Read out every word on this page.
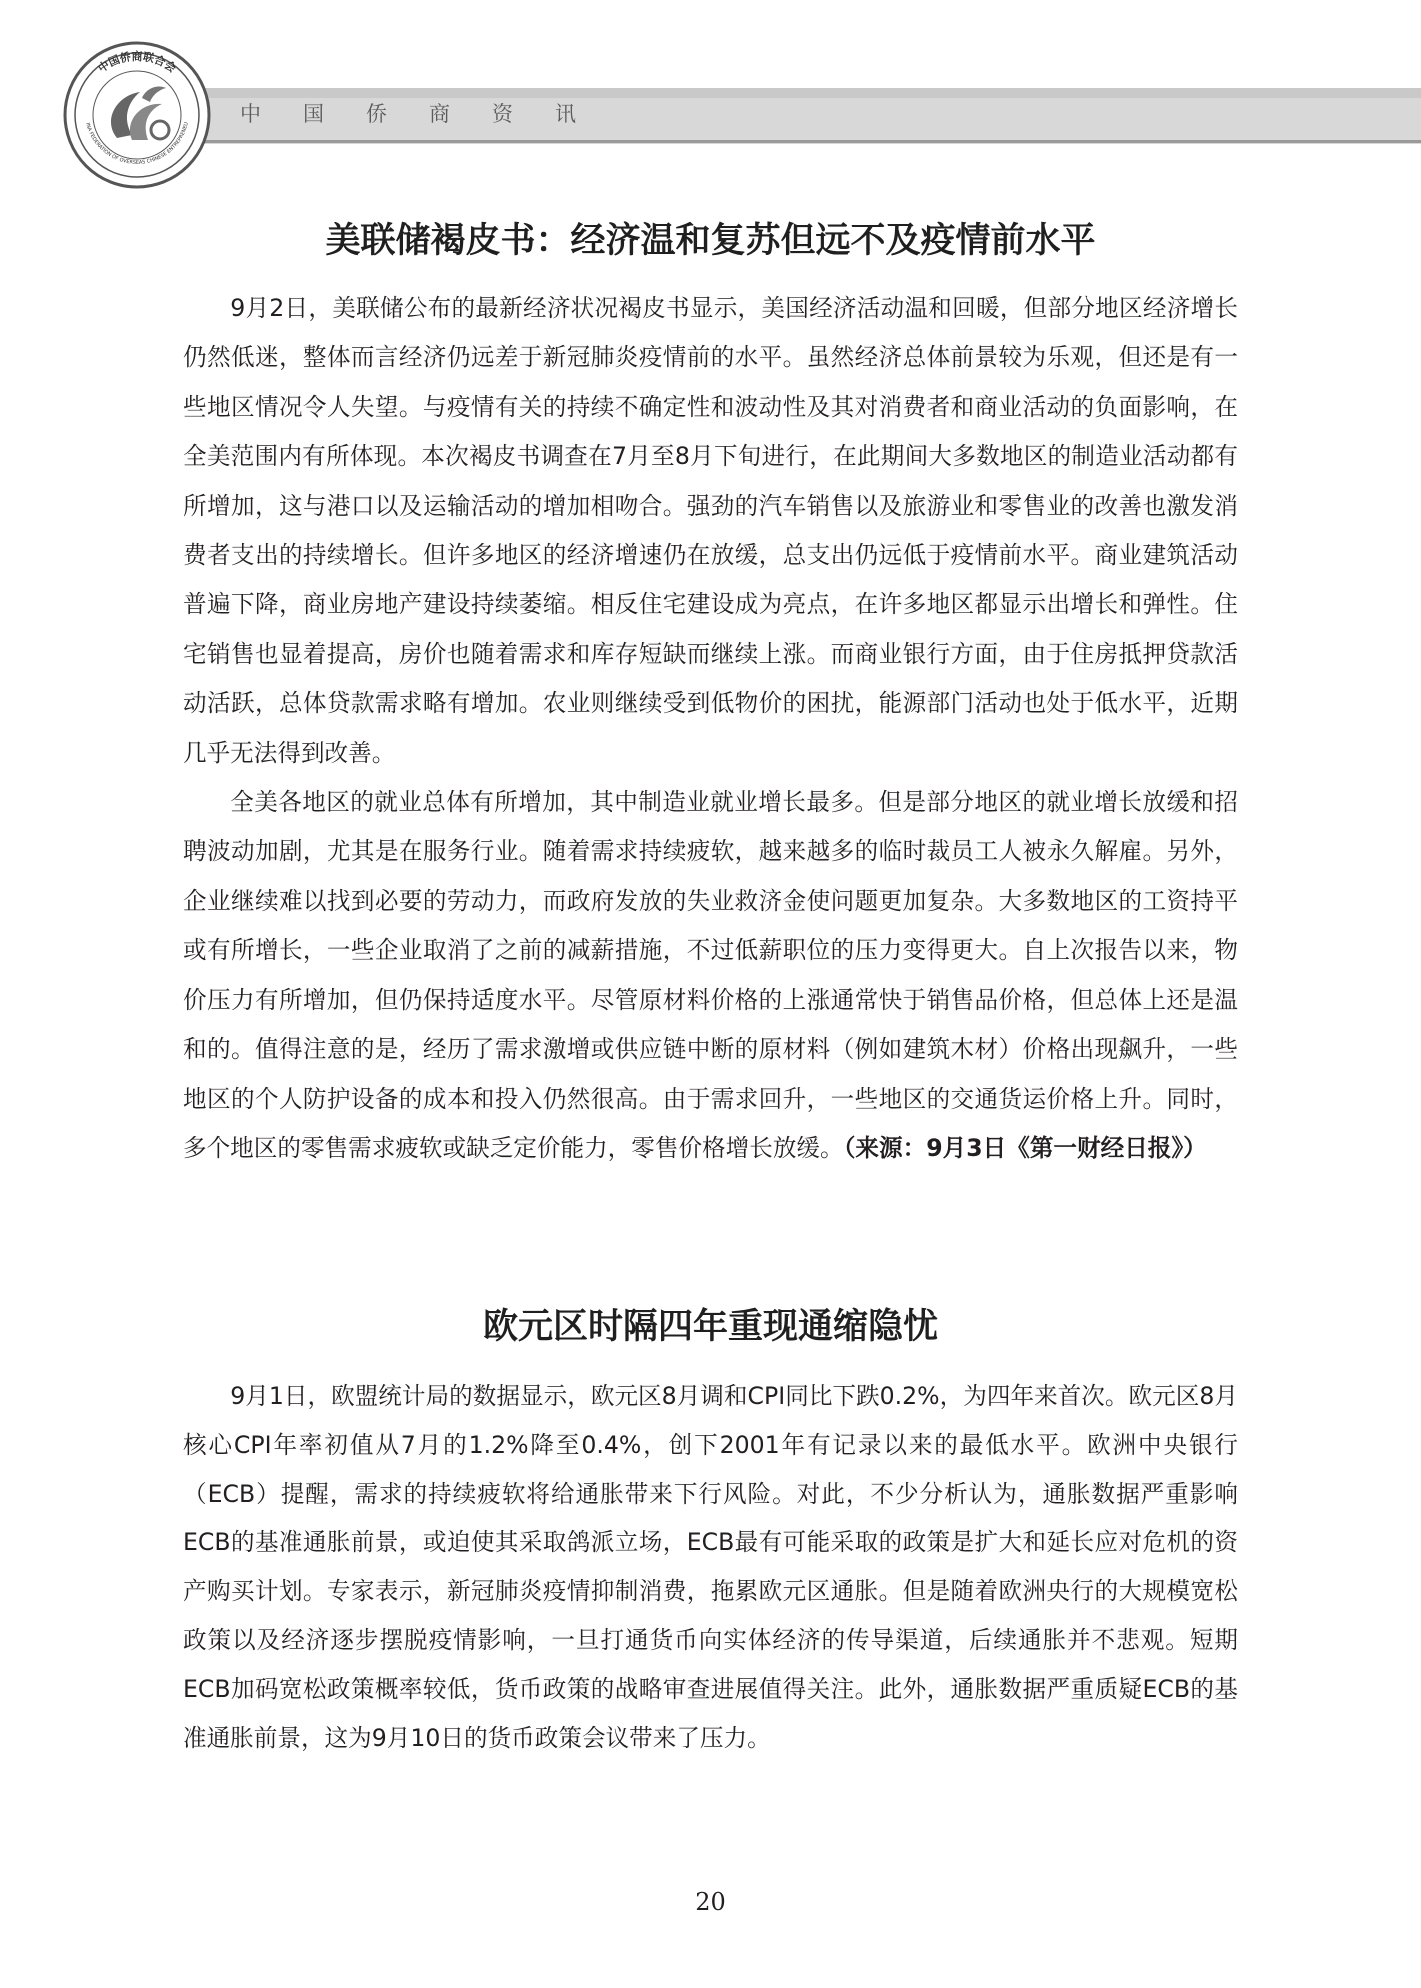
中国侨商联合会
INA FEDERATION OF OVERSEAS CHINESE ENTREPRENEU 中国侨商资讯
美联储褐皮书：经济温和复苏但远不及疫情前水平

9月2日，美联储公布的最新经济状况褐皮书显示，美国经济活动温和回暖，但部分地区经济增长仍然低迷，整体而言经济仍远差于新冠肺炎疫情前的水平。虽然经济总体前景较为乐观，但还是有一些地区情况令人失望。与疫情有关的持续不确定性和波动性及其对消费者和商业活动的负面影响，在全美范围内有所体现。本次褐皮书调查在7月至8月下旬进行，在此期间大多数地区的制造业活动都有所增加，这与港口以及运输活动的增加相吻合。强劲的汽车销售以及旅游业和零售业的改善也激发消费者支出的持续增长。但许多地区的经济增速仍在放缓，总支出仍远低于疫情前水平。商业建筑活动普遍下降，商业房地产建设持续萎缩。相反住宅建设成为亮点，在许多地区都显示出增长和弹性。住宅销售也显着提高，房价也随着需求和库存短缺而继续上涨。而商业银行方面，由于住房抵押贷款活动活跃，总体贷款需求略有增加。农业则继续受到低物价的困扰，能源部门活动也处于低水平，近期几乎无法得到改善。

全美各地区的就业总体有所增加，其中制造业就业增长最多。但是部分地区的就业增长放缓和招聘波动加剧，尤其是在服务行业。随着需求持续疲软，越来越多的临时裁员工人被永久解雇。另外，企业继续难以找到必要的劳动力，而政府发放的失业救济金使问题更加复杂。大多数地区的工资持平或有所增长，一些企业取消了之前的减薪措施，不过低薪职位的压力变得更大。自上次报告以来，物价压力有所增加，但仍保持适度水平。尽管原材料价格的上涨通常快于销售品价格，但总体上还是温和的。值得注意的是，经历了需求激增或供应链中断的原材料（例如建筑木材）价格出现飙升，一些地区的个人防护设备的成本和投入仍然很高。由于需求回升，一些地区的交通货运价格上升。同时，多个地区的零售需求疲软或缺乏定价能力，零售价格增长放缓。（来源：9月3日《第一财经日报》）

欧元区时隔四年重现通缩隐忧

9月1日，欧盟统计局的数据显示，欧元区8月调和CPI同比下跌0.2%，为四年来首次。欧元区8月核心CPI年率初值从7月的1.2%降至0.4%，创下2001年有记录以来的最低水平。欧洲中央银行（ECB）提醒，需求的持续疲软将给通胀带来下行风险。对此，不少分析认为，通胀数据严重影响ECB的基准通胀前景，或迫使其采取鸽派立场，ECB最有可能采取的政策是扩大和延长应对危机的资产购买计划。专家表示，新冠肺炎疫情抑制消费，拖累欧元区通胀。但是随着欧洲央行的大规模宽松政策以及经济逐步摆脱疫情影响，一旦打通货币向实体经济的传导渠道，后续通胀并不悲观。短期ECB加码宽松政策概率较低，货币政策的战略审查进展值得关注。此外，通胀数据严重质疑ECB的基准通胀前景，这为9月10日的货币政策会议带来了压力。

20
